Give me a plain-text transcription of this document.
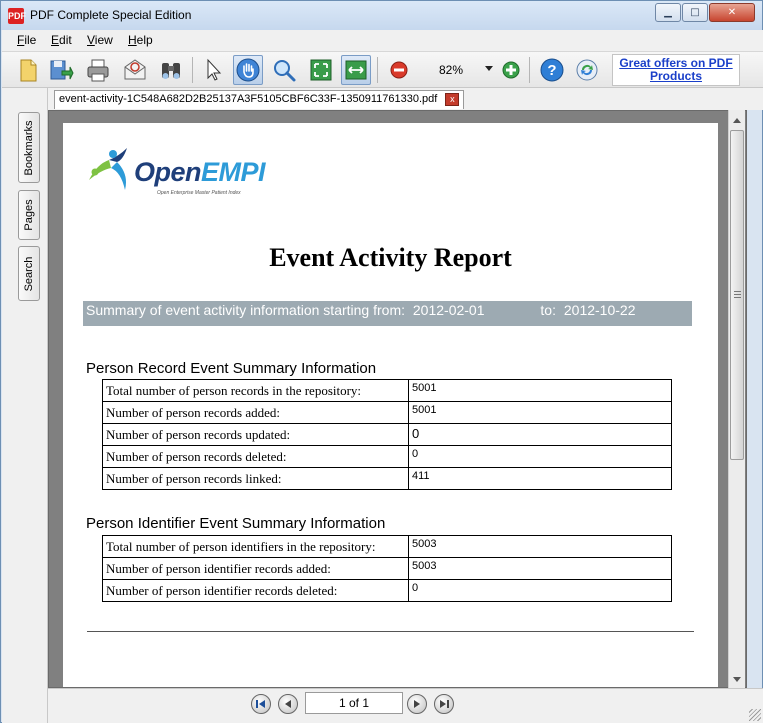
PDF PDF Complete Special Edition	▁	□	✕
File Edit View Help
82%	?	Great offers on PDF
Products
Bookmarks
Pages
Search
event-activity-1C548A682D2B25137A3F5105CBF6C33F-1350911761330.pdf	x
OpenEMPI
Open Enterprise Master Patient Index
Event Activity Report
Summary of event activity information starting from: 2012-02-01	to: 2012-10-22
Person Record Event Summary Information
Total number of person records in the repository:	5001
Number of person records added:	5001
Number of person records updated:	0
Number of person records deleted:	0
Number of person records linked:	411
Person Identifier Event Summary Information
Total number of person identifiers in the repository:	5003
Number of person identifier records added:	5003
Number of person identifier records deleted:	0
1 of 1
